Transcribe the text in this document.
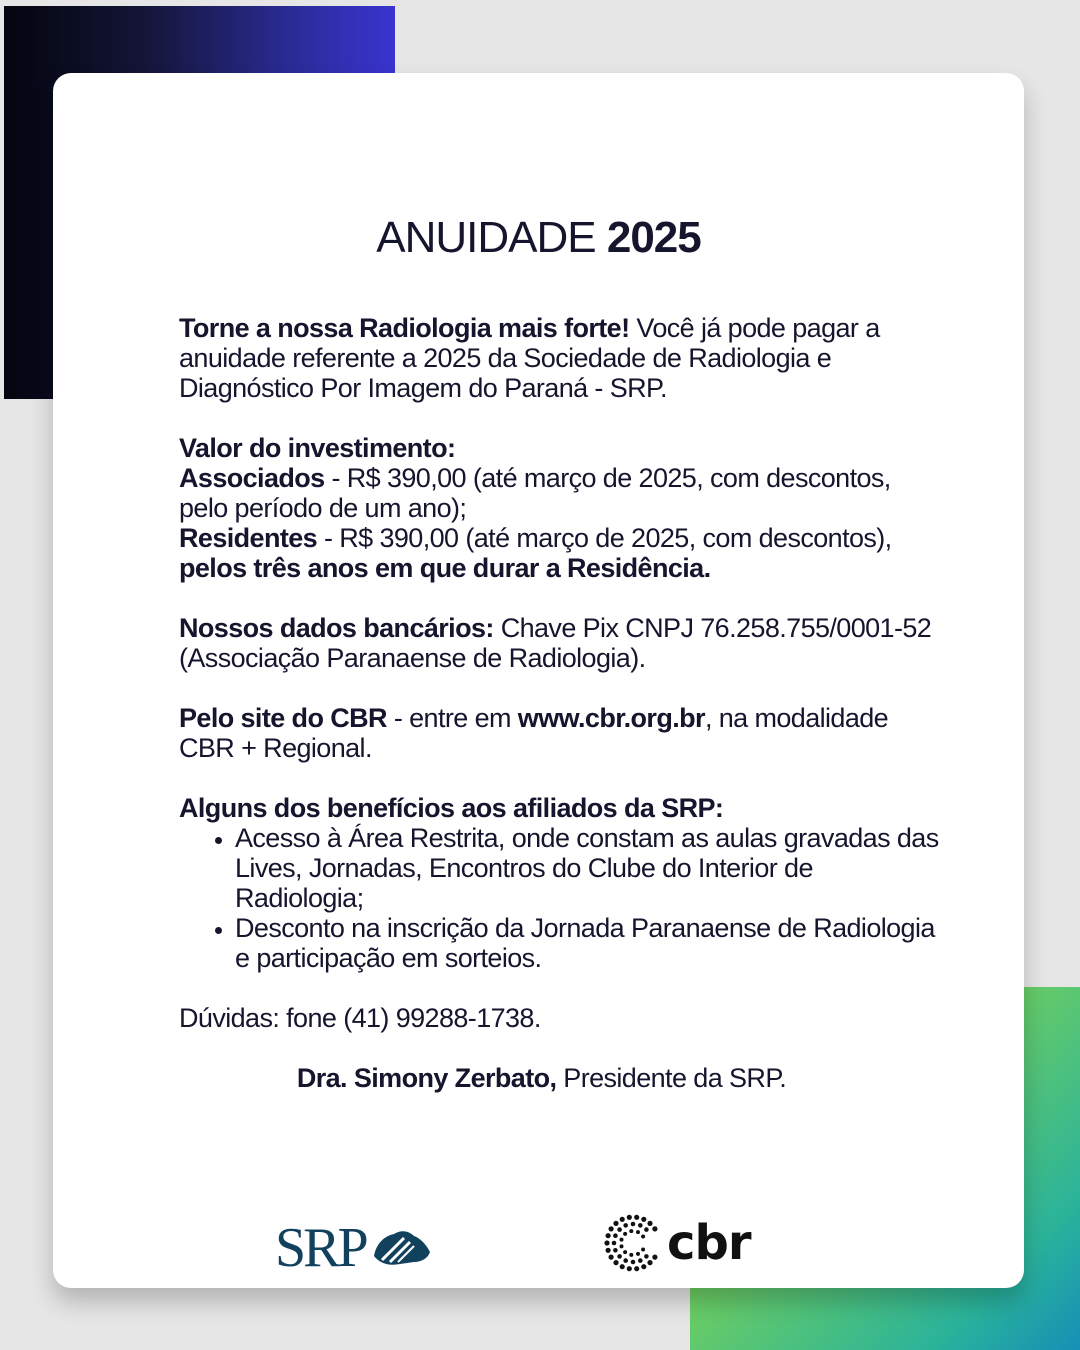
ANUIDADE 2025

Torne a nossa Radiologia mais forte! Você já pode pagar a anuidade referente a 2025 da Sociedade de Radiologia e Diagnóstico Por Imagem do Paraná - SRP.

Valor do investimento:
Associados - R$ 390,00 (até março de 2025, com descontos, pelo período de um ano);
Residentes - R$ 390,00 (até março de 2025, com descontos), pelos três anos em que durar a Residência.

Nossos dados bancários: Chave Pix CNPJ 76.258.755/0001-52 (Associação Paranaense de Radiologia).

Pelo site do CBR - entre em www.cbr.org.br, na modalidade CBR + Regional.

Alguns dos benefícios aos afiliados da SRP:

• Acesso à Área Restrita, onde constam as aulas gravadas das Lives, Jornadas, Encontros do Clube do Interior de Radiologia;
• Desconto na inscrição da Jornada Paranaense de Radiologia e participação em sorteios.

Dúvidas: fone (41) 99288-1738.

Dra. Simony Zerbato, Presidente da SRP.
SRP	cbr
